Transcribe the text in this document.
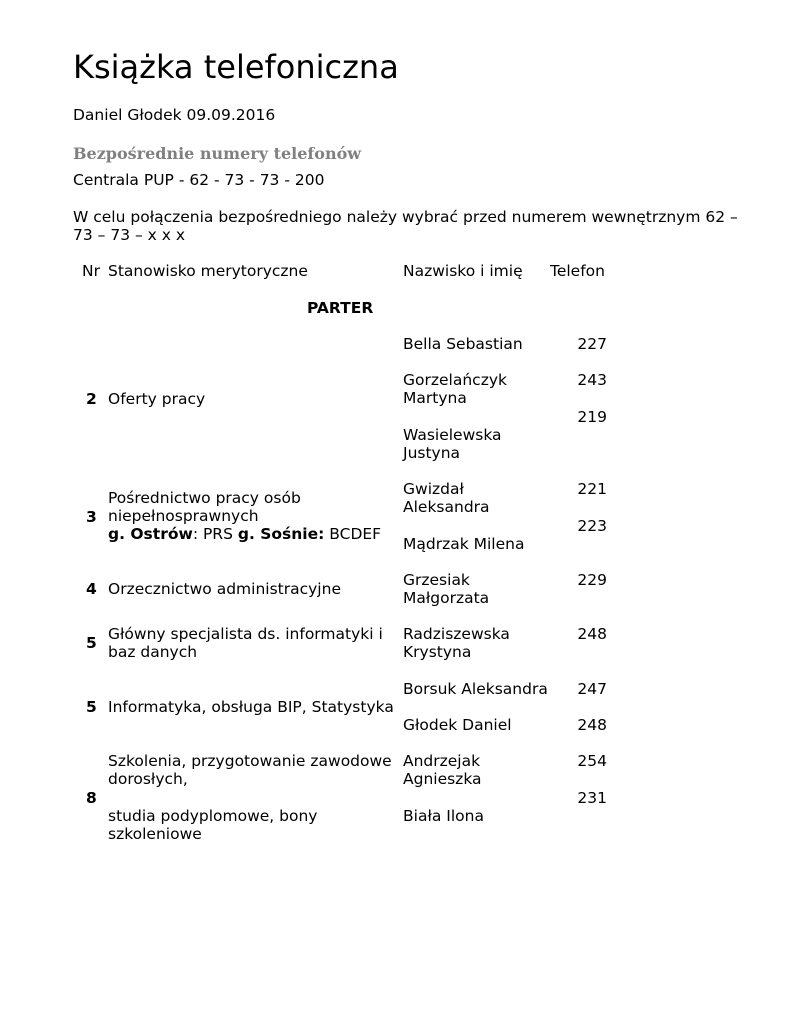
Książka telefoniczna
Daniel Głodek 09.09.2016
Bezpośrednie numery telefonów
Centrala PUP - 62 - 73 - 73 - 200
W celu połączenia bezpośredniego należy wybrać przed numerem wewnętrznym 62 –
73 – 73 – x x x
Nr Stanowisko merytoryczne	Nazwisko i imię Telefon
PARTER
2 Oferty pracy
Bella Sebastian
Gorzelańczyk
Martyna
Wasielewska
Justyna
227
243
219
3
Pośrednictwo pracy osób
niepełnosprawnych
g. Ostrów: PRS g. Sośnie: BCDEF
Gwizdał
Aleksandra
Mądrzak Milena
221
223
4 Orzecznictwo administracyjne	Grzesiak
Małgorzata
229
5 Główny specjalista ds. informatyki i
baz danych
Radziszewska
Krystyna
248
5 Informatyka, obsługa BIP, Statystyka
Borsuk Aleksandra
Głodek Daniel
247
248
8
Szkolenia, przygotowanie zawodowe
dorosłych,
studia podyplomowe, bony
szkoleniowe
Andrzejak
Agnieszka
Biała Ilona
254
231
